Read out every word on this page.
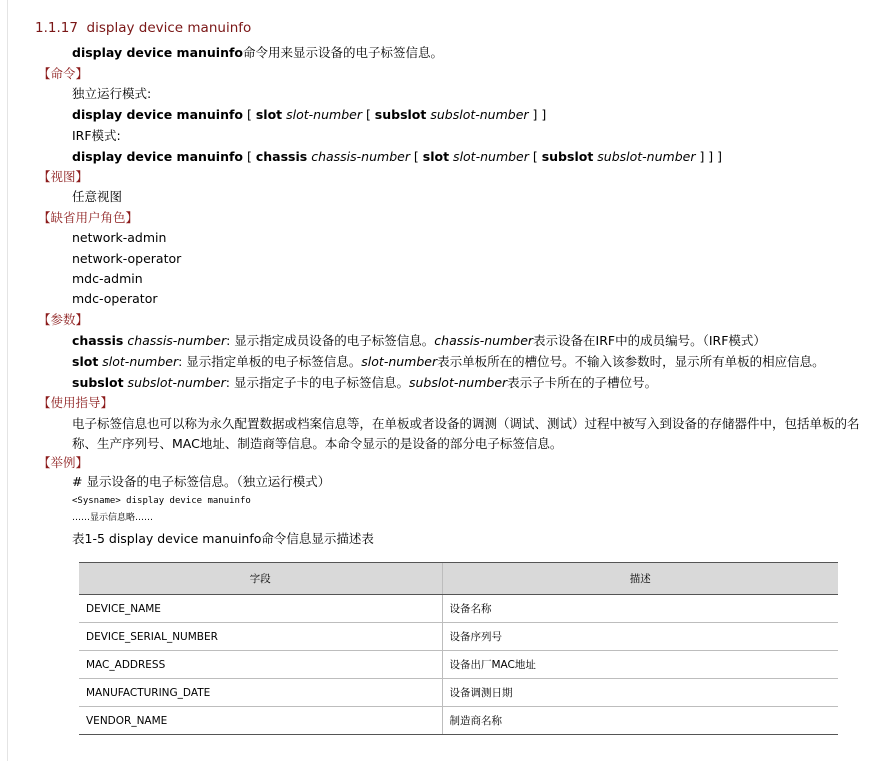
1.1.17 display device manuinfo
display device manuinfo命令用来显示设备的电子标签信息。
【命令】
独立运行模式:
display device manuinfo [ slot slot-number [ subslot subslot-number ] ]
IRF模式:
display device manuinfo [ chassis chassis-number [ slot slot-number [ subslot subslot-number ] ] ]
【视图】
任意视图
【缺省用户角色】
network-admin
network-operator
mdc-admin
mdc-operator
【参数】
chassis chassis-number: 显示指定成员设备的电子标签信息。chassis-number表示设备在IRF中的成员编号。（IRF模式）
slot slot-number: 显示指定单板的电子标签信息。slot-number表示单板所在的槽位号。不输入该参数时，显示所有单板的相应信息。
subslot subslot-number: 显示指定子卡的电子标签信息。subslot-number表示子卡所在的子槽位号。
【使用指导】
电子标签信息也可以称为永久配置数据或档案信息等，在单板或者设备的调测（调试、测试）过程中被写入到设备的存储器件中，包括单板的名称、生产序列号、MAC地址、制造商等信息。本命令显示的是设备的部分电子标签信息。
【举例】
# 显示设备的电子标签信息。（独立运行模式）
<Sysname> display device manuinfo
……显示信息略……
表1-5 display device manuinfo命令信息显示描述表
字段	描述
DEVICE_NAME	设备名称
DEVICE_SERIAL_NUMBER	设备序列号
MAC_ADDRESS	设备出厂MAC地址
MANUFACTURING_DATE	设备调测日期
VENDOR_NAME	制造商名称
